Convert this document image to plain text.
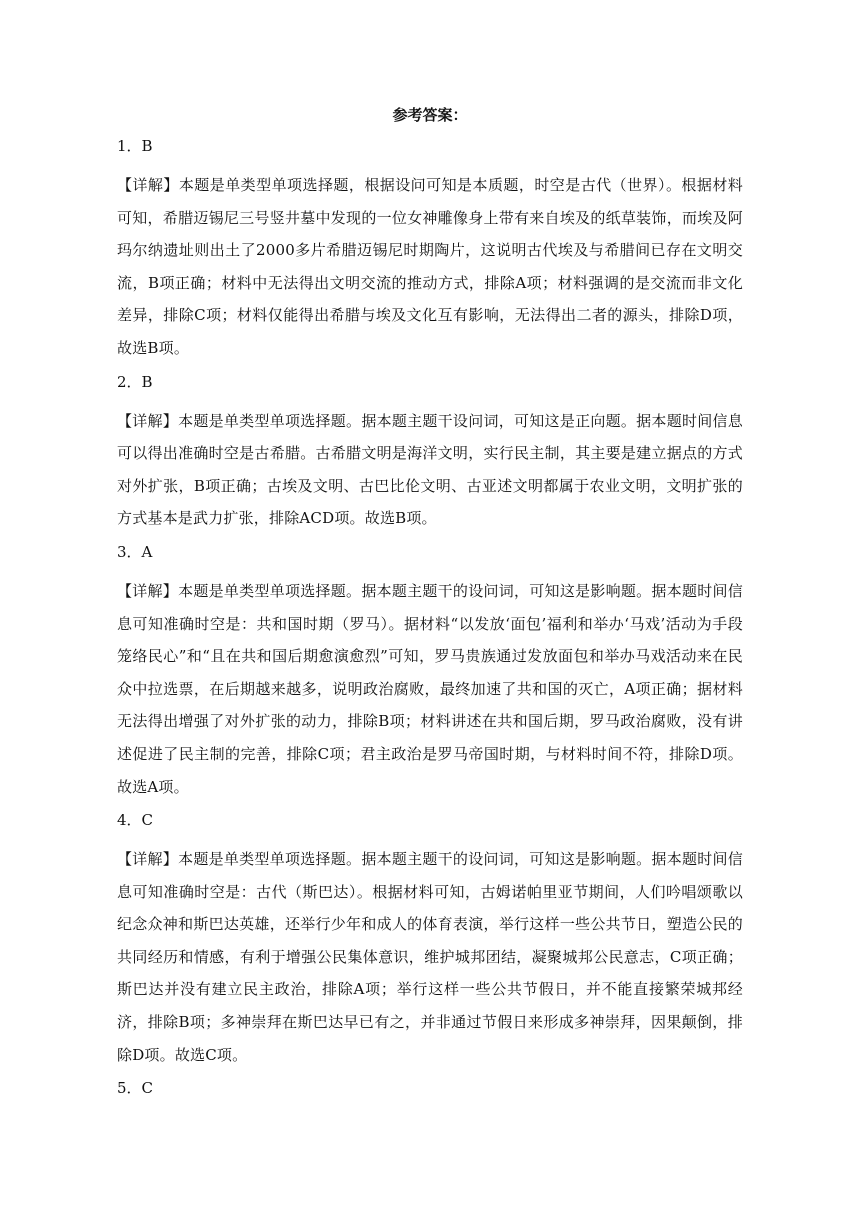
参考答案：
1．B
【详解】本题是单类型单项选择题，根据设问可知是本质题，时空是古代（世界）。根据材料可知，希腊迈锡尼三号竖井墓中发现的一位女神雕像身上带有来自埃及的纸草装饰，而埃及阿玛尔纳遗址则出土了2000多片希腊迈锡尼时期陶片，这说明古代埃及与希腊间已存在文明交流，B项正确；材料中无法得出文明交流的推动方式，排除A项；材料强调的是交流而非文化差异，排除C项；材料仅能得出希腊与埃及文化互有影响，无法得出二者的源头，排除D项，故选B项。
2．B
【详解】本题是单类型单项选择题。据本题主题干设问词，可知这是正向题。据本题时间信息可以得出准确时空是古希腊。古希腊文明是海洋文明，实行民主制，其主要是建立据点的方式对外扩张，B项正确；古埃及文明、古巴比伦文明、古亚述文明都属于农业文明，文明扩张的方式基本是武力扩张，排除ACD项。故选B项。
3．A
【详解】本题是单类型单项选择题。据本题主题干的设问词，可知这是影响题。据本题时间信息可知准确时空是：共和国时期（罗马）。据材料“以发放‘面包’福利和举办‘马戏’活动为手段笼络民心”和“且在共和国后期愈演愈烈”可知，罗马贵族通过发放面包和举办马戏活动来在民众中拉选票，在后期越来越多，说明政治腐败，最终加速了共和国的灭亡，A项正确；据材料无法得出增强了对外扩张的动力，排除B项；材料讲述在共和国后期，罗马政治腐败，没有讲述促进了民主制的完善，排除C项；君主政治是罗马帝国时期，与材料时间不符，排除D项。故选A项。
4．C
【详解】本题是单类型单项选择题。据本题主题干的设问词，可知这是影响题。据本题时间信息可知准确时空是：古代（斯巴达）。根据材料可知，古姆诺帕里亚节期间，人们吟唱颂歌以纪念众神和斯巴达英雄，还举行少年和成人的体育表演，举行这样一些公共节日，塑造公民的共同经历和情感，有利于增强公民集体意识，维护城邦团结，凝聚城邦公民意志，C项正确；斯巴达并没有建立民主政治，排除A项；举行这样一些公共节假日，并不能直接繁荣城邦经济，排除B项；多神崇拜在斯巴达早已有之，并非通过节假日来形成多神崇拜，因果颠倒，排除D项。故选C项。
5．C
